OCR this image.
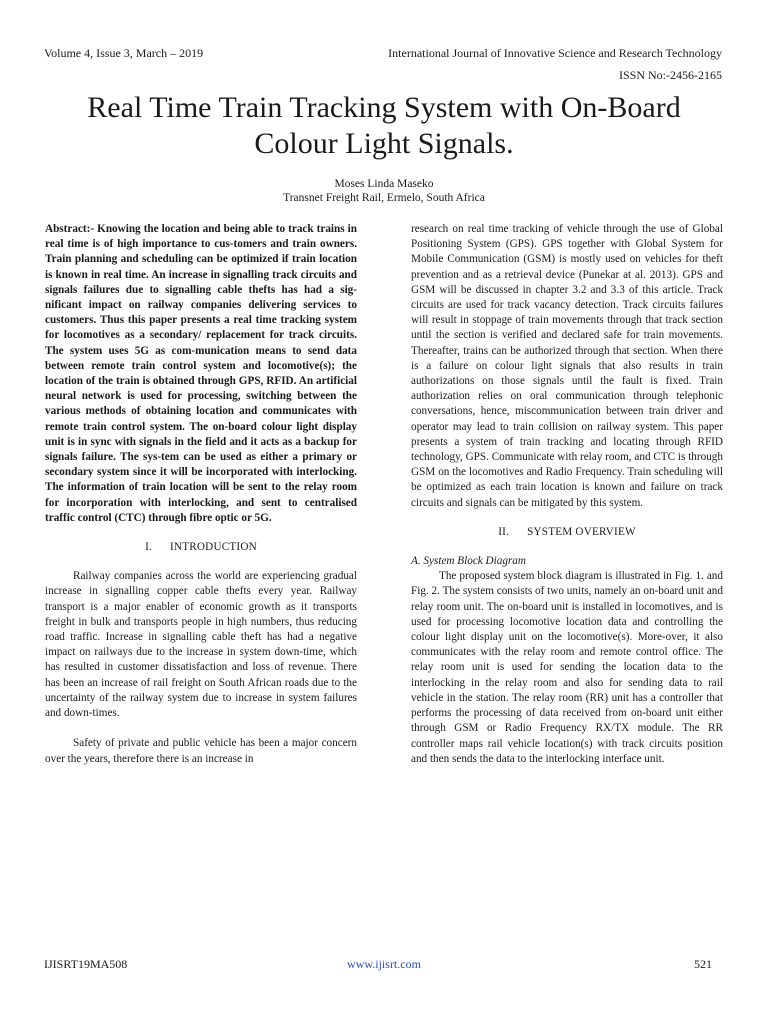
Volume 4, Issue 3, March – 2019	International Journal of Innovative Science and Research Technology
ISSN No:-2456-2165
Real Time Train Tracking System with On-Board
Colour Light Signals.
Moses Linda Maseko
Transnet Freight Rail, Ermelo, South Africa

Abstract:- Knowing the location and being able to track trains in real time is of high importance to cus-tomers and train owners. Train planning and scheduling can be optimized if train location is known in real time. An increase in signalling track circuits and signals failures due to signalling cable thefts has had a sig-nificant impact on railway companies delivering services to customers. Thus this paper presents a real time tracking system for locomotives as a secondary/ replacement for track circuits. The system uses 5G as com-munication means to send data between remote train control system and locomotive(s); the location of the train is obtained through GPS, RFID. An artificial neural network is used for processing, switching between the various methods of obtaining location and communicates with remote train control system. The on-board colour light display unit is in sync with signals in the field and it acts as a backup for signals failure. The sys-tem can be used as either a primary or secondary system since it will be incorporated with interlocking. The information of train location will be sent to the relay room for incorporation with interlocking, and sent to centralised traffic control (CTC) through fibre optic or 5G.

I. INTRODUCTION

Railway companies across the world are experiencing gradual increase in signalling copper cable thefts every year. Railway transport is a major enabler of economic growth as it transports freight in bulk and transports people in high numbers, thus reducing road traffic. Increase in signalling cable theft has had a negative impact on railways due to the increase in system down-time, which has resulted in customer dissatisfaction and loss of revenue. There has been an increase of rail freight on South African roads due to the uncertainty of the railway system due to increase in system failures and down-times.

Safety of private and public vehicle has been a major concern over the years, therefore there is an increase in

research on real time tracking of vehicle through the use of Global Positioning System (GPS). GPS together with Global System for Mobile Communication (GSM) is mostly used on vehicles for theft prevention and as a retrieval device (Punekar at al. 2013). GPS and GSM will be discussed in chapter 3.2 and 3.3 of this article. Track circuits are used for track vacancy detection. Track circuits failures will result in stoppage of train movements through that track section until the section is verified and declared safe for train movements. Thereafter, trains can be authorized through that section. When there is a failure on colour light signals that also results in train authorizations on those signals until the fault is fixed. Train authorization relies on oral communication through telephonic conversations, hence, miscommunication between train driver and operator may lead to train collision on railway system. This paper presents a system of train tracking and locating through RFID technology, GPS. Communicate with relay room, and CTC is through GSM on the locomotives and Radio Frequency. Train scheduling will be optimized as each train location is known and failure on track circuits and signals can be mitigated by this system.

II. SYSTEM OVERVIEW

A. System Block Diagram

The proposed system block diagram is illustrated in Fig. 1. and Fig. 2. The system consists of two units, namely an on-board unit and relay room unit. The on-board unit is installed in locomotives, and is used for processing locomotive location data and controlling the colour light display unit on the locomotive(s). More-over, it also communicates with the relay room and remote control office. The relay room unit is used for sending the location data to the interlocking in the relay room and also for sending data to rail vehicle in the station. The relay room (RR) unit has a controller that performs the processing of data received from on-board unit either through GSM or Radio Frequency RX/TX module. The RR controller maps rail vehicle location(s) with track circuits position and then sends the data to the interlocking interface unit.

IJISRT19MA508	www.ijisrt.com	521
